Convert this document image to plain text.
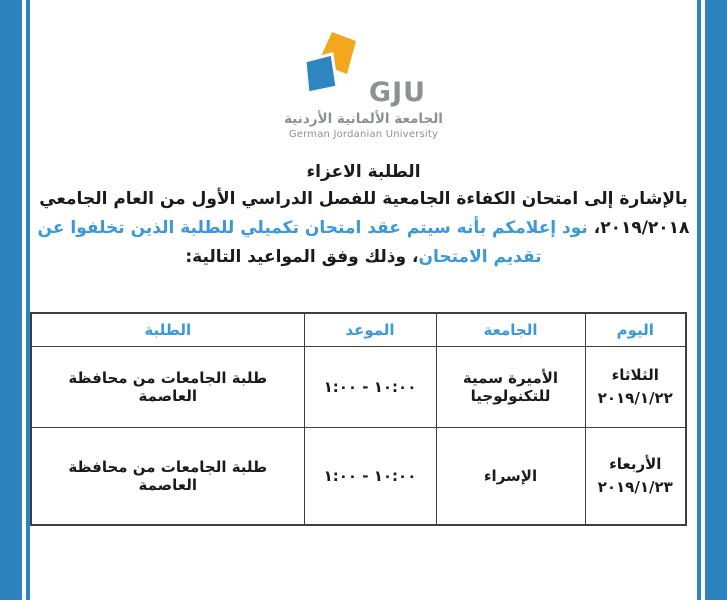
GJU
الجامعة الألمانية الأردنية
German Jordanian University
الطلبة الاعزاء
بالإشارة إلى امتحان الكفاءة الجامعية للفصل الدراسي الأول من العام الجامعي
٢٠١٩/٢٠١٨، نود إعلامكم بأنه سيتم عقد امتحان تكميلي للطلبة الذين تخلفوا عن
تقديم الامتحان، وذلك وفق المواعيد التالية:
اليوم	الجامعة	الموعد	الطلبة

الثلاثاء
٢٠١٩/١/٢٢	الأميرة سمية للتكنولوجيا	١٠:٠٠ - ١:٠٠	طلبة الجامعات من محافظة العاصمة

الأربعاء
٢٠١٩/١/٢٣	الإسراء	١٠:٠٠ - ١:٠٠	طلبة الجامعات من محافظة العاصمة
